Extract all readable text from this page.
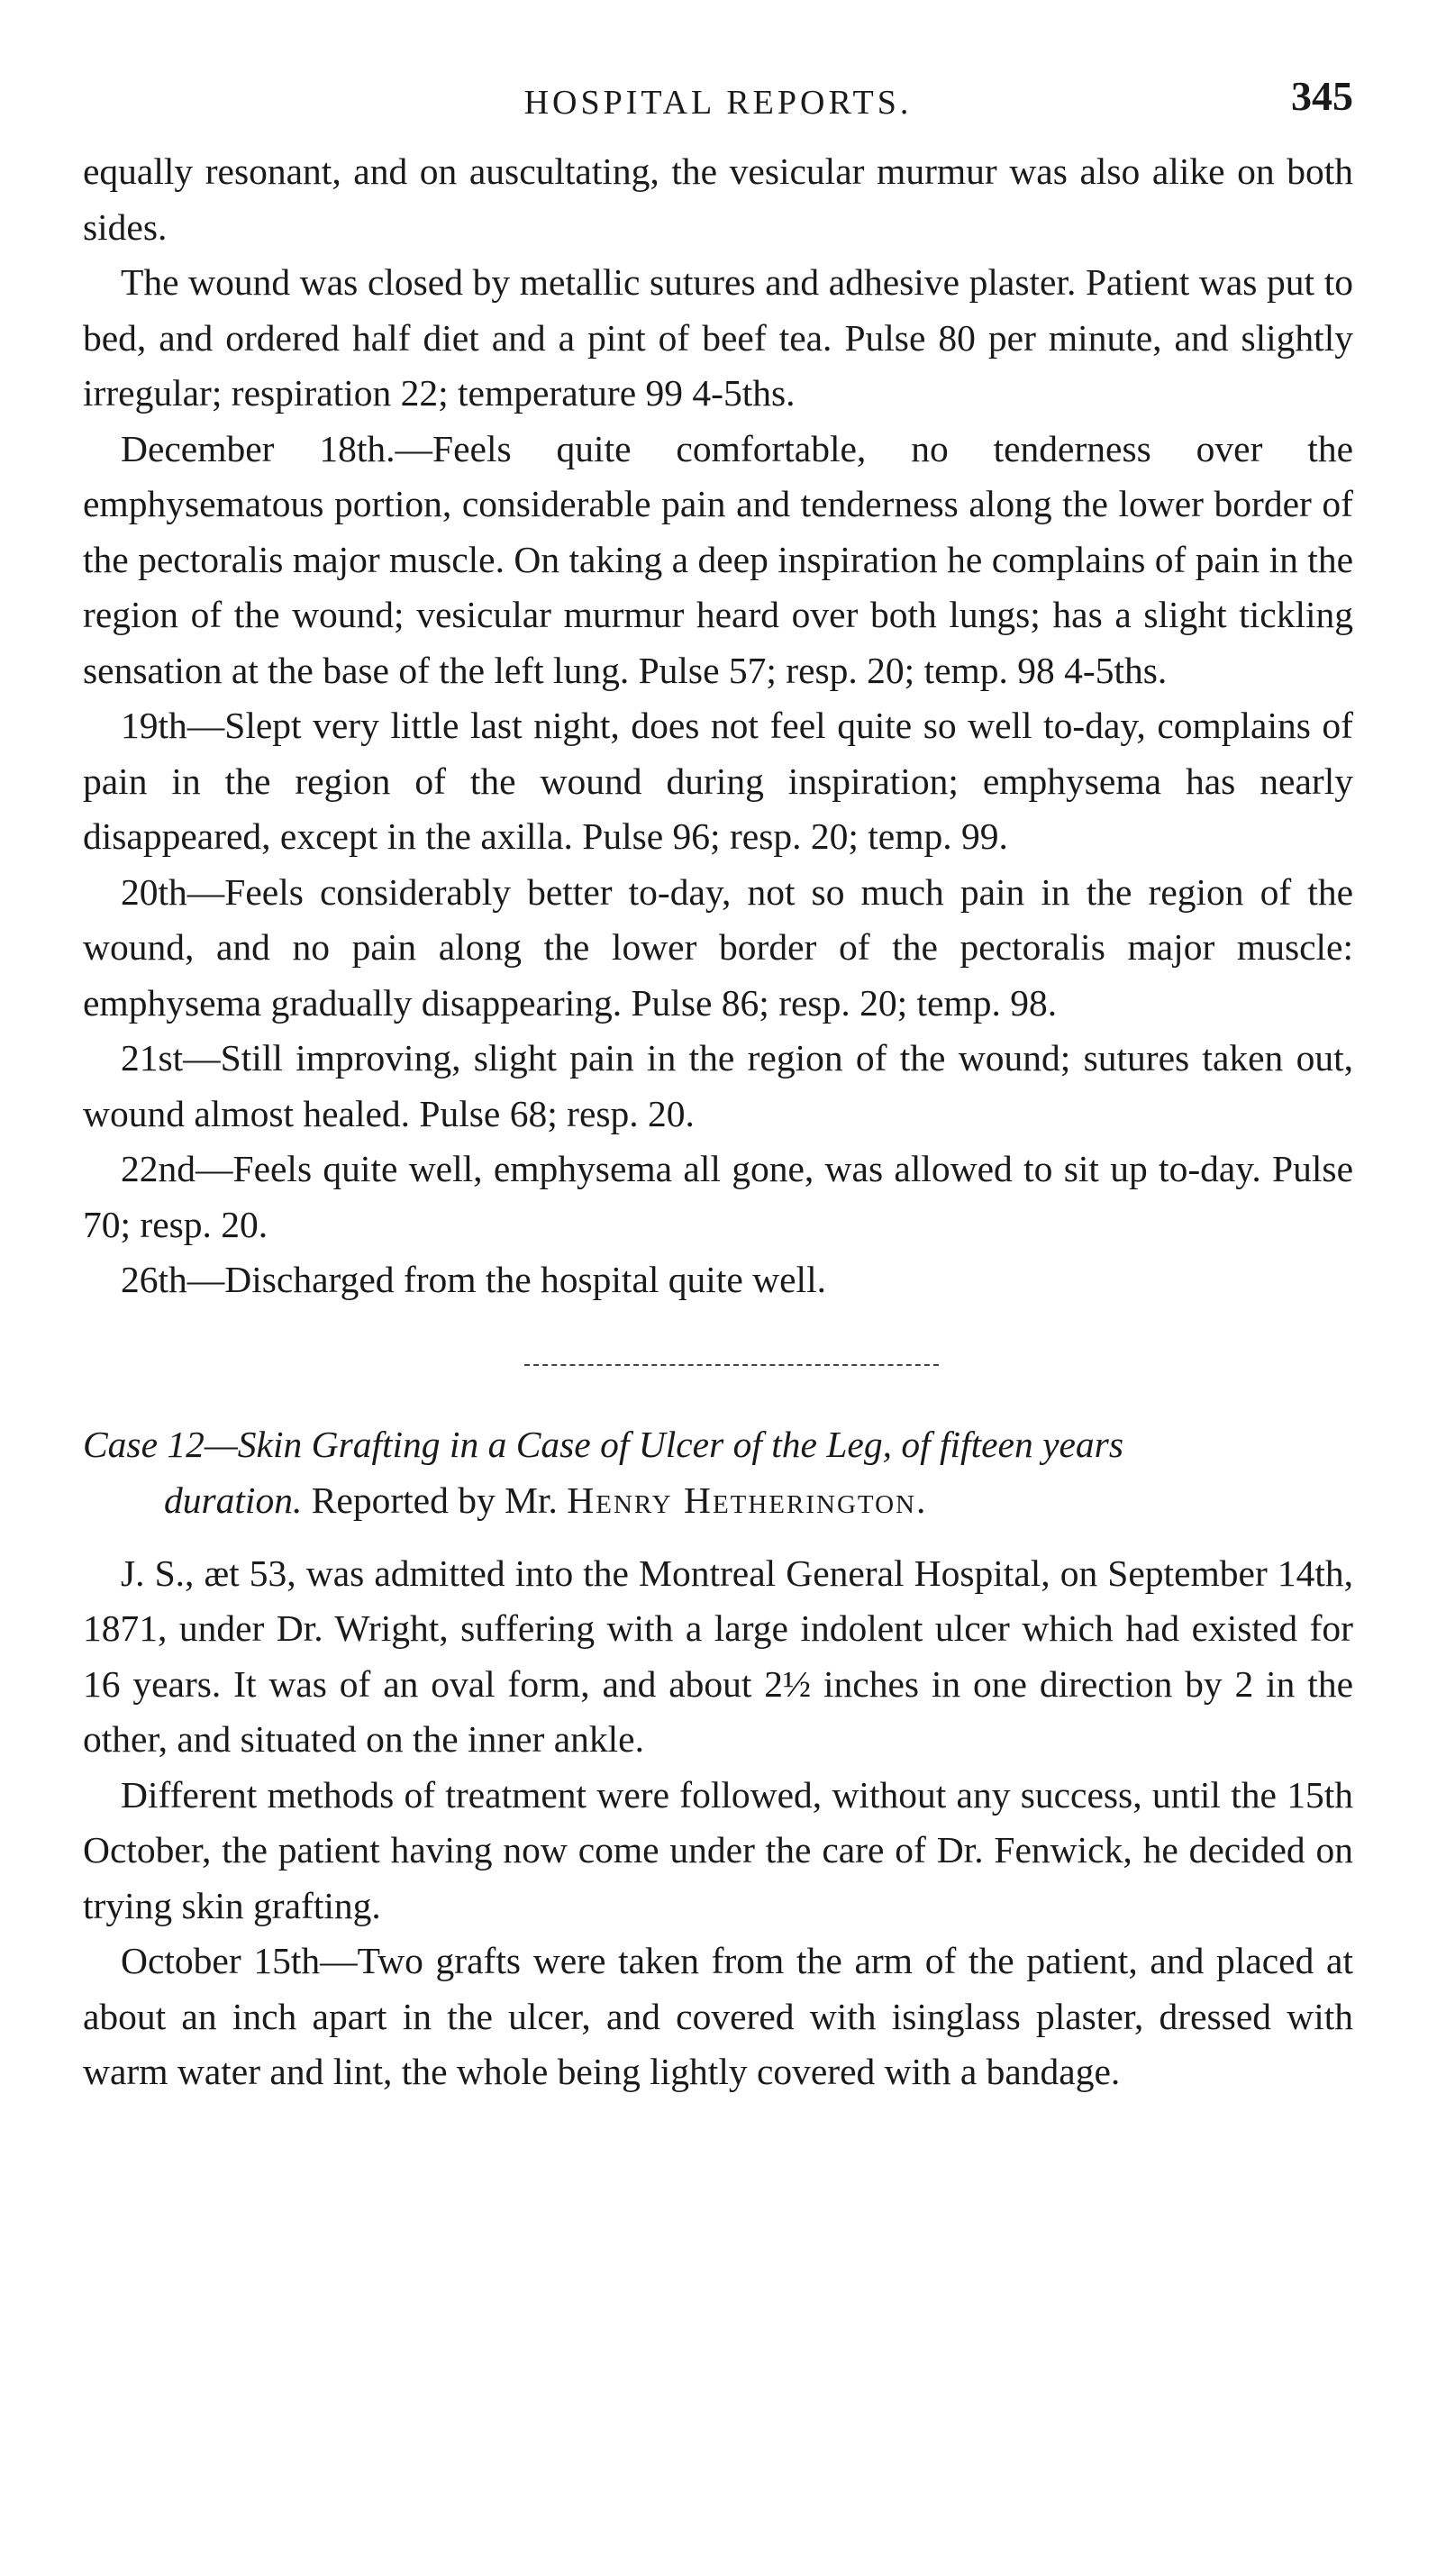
HOSPITAL REPORTS.	345

equally resonant, and on auscultating, the vesicular murmur was also alike on both sides.

The wound was closed by metallic sutures and adhesive plaster. Patient was put to bed, and ordered half diet and a pint of beef tea. Pulse 80 per minute, and slightly irregular; respiration 22; temperature 99 4-5ths.

December 18th.—Feels quite comfortable, no tenderness over the emphysematous portion, considerable pain and tenderness along the lower border of the pectoralis major muscle. On taking a deep inspiration he complains of pain in the region of the wound; vesicular murmur heard over both lungs; has a slight tickling sensation at the base of the left lung. Pulse 57; resp. 20; temp. 98 4-5ths.

19th—Slept very little last night, does not feel quite so well to-day, complains of pain in the region of the wound during inspiration; emphysema has nearly disappeared, except in the axilla. Pulse 96; resp. 20; temp. 99.

20th—Feels considerably better to-day, not so much pain in the region of the wound, and no pain along the lower border of the pectoralis major muscle: emphysema gradually disappearing. Pulse 86; resp. 20; temp. 98.

21st—Still improving, slight pain in the region of the wound; sutures taken out, wound almost healed. Pulse 68; resp. 20.

22nd—Feels quite well, emphysema all gone, was allowed to sit up to-day. Pulse 70; resp. 20.

26th—Discharged from the hospital quite well.

Case 12—Skin Grafting in a Case of Ulcer of the Leg, of fifteen years
duration. Reported by Mr. Henry Hetherington.

J. S., æt 53, was admitted into the Montreal General Hospital, on September 14th, 1871, under Dr. Wright, suffering with a large indolent ulcer which had existed for 16 years. It was of an oval form, and about 2½ inches in one direction by 2 in the other, and situated on the inner ankle.

Different methods of treatment were followed, without any success, until the 15th October, the patient having now come under the care of Dr. Fenwick, he decided on trying skin grafting.

October 15th—Two grafts were taken from the arm of the patient, and placed at about an inch apart in the ulcer, and covered with isinglass plaster, dressed with warm water and lint, the whole being lightly covered with a bandage.
